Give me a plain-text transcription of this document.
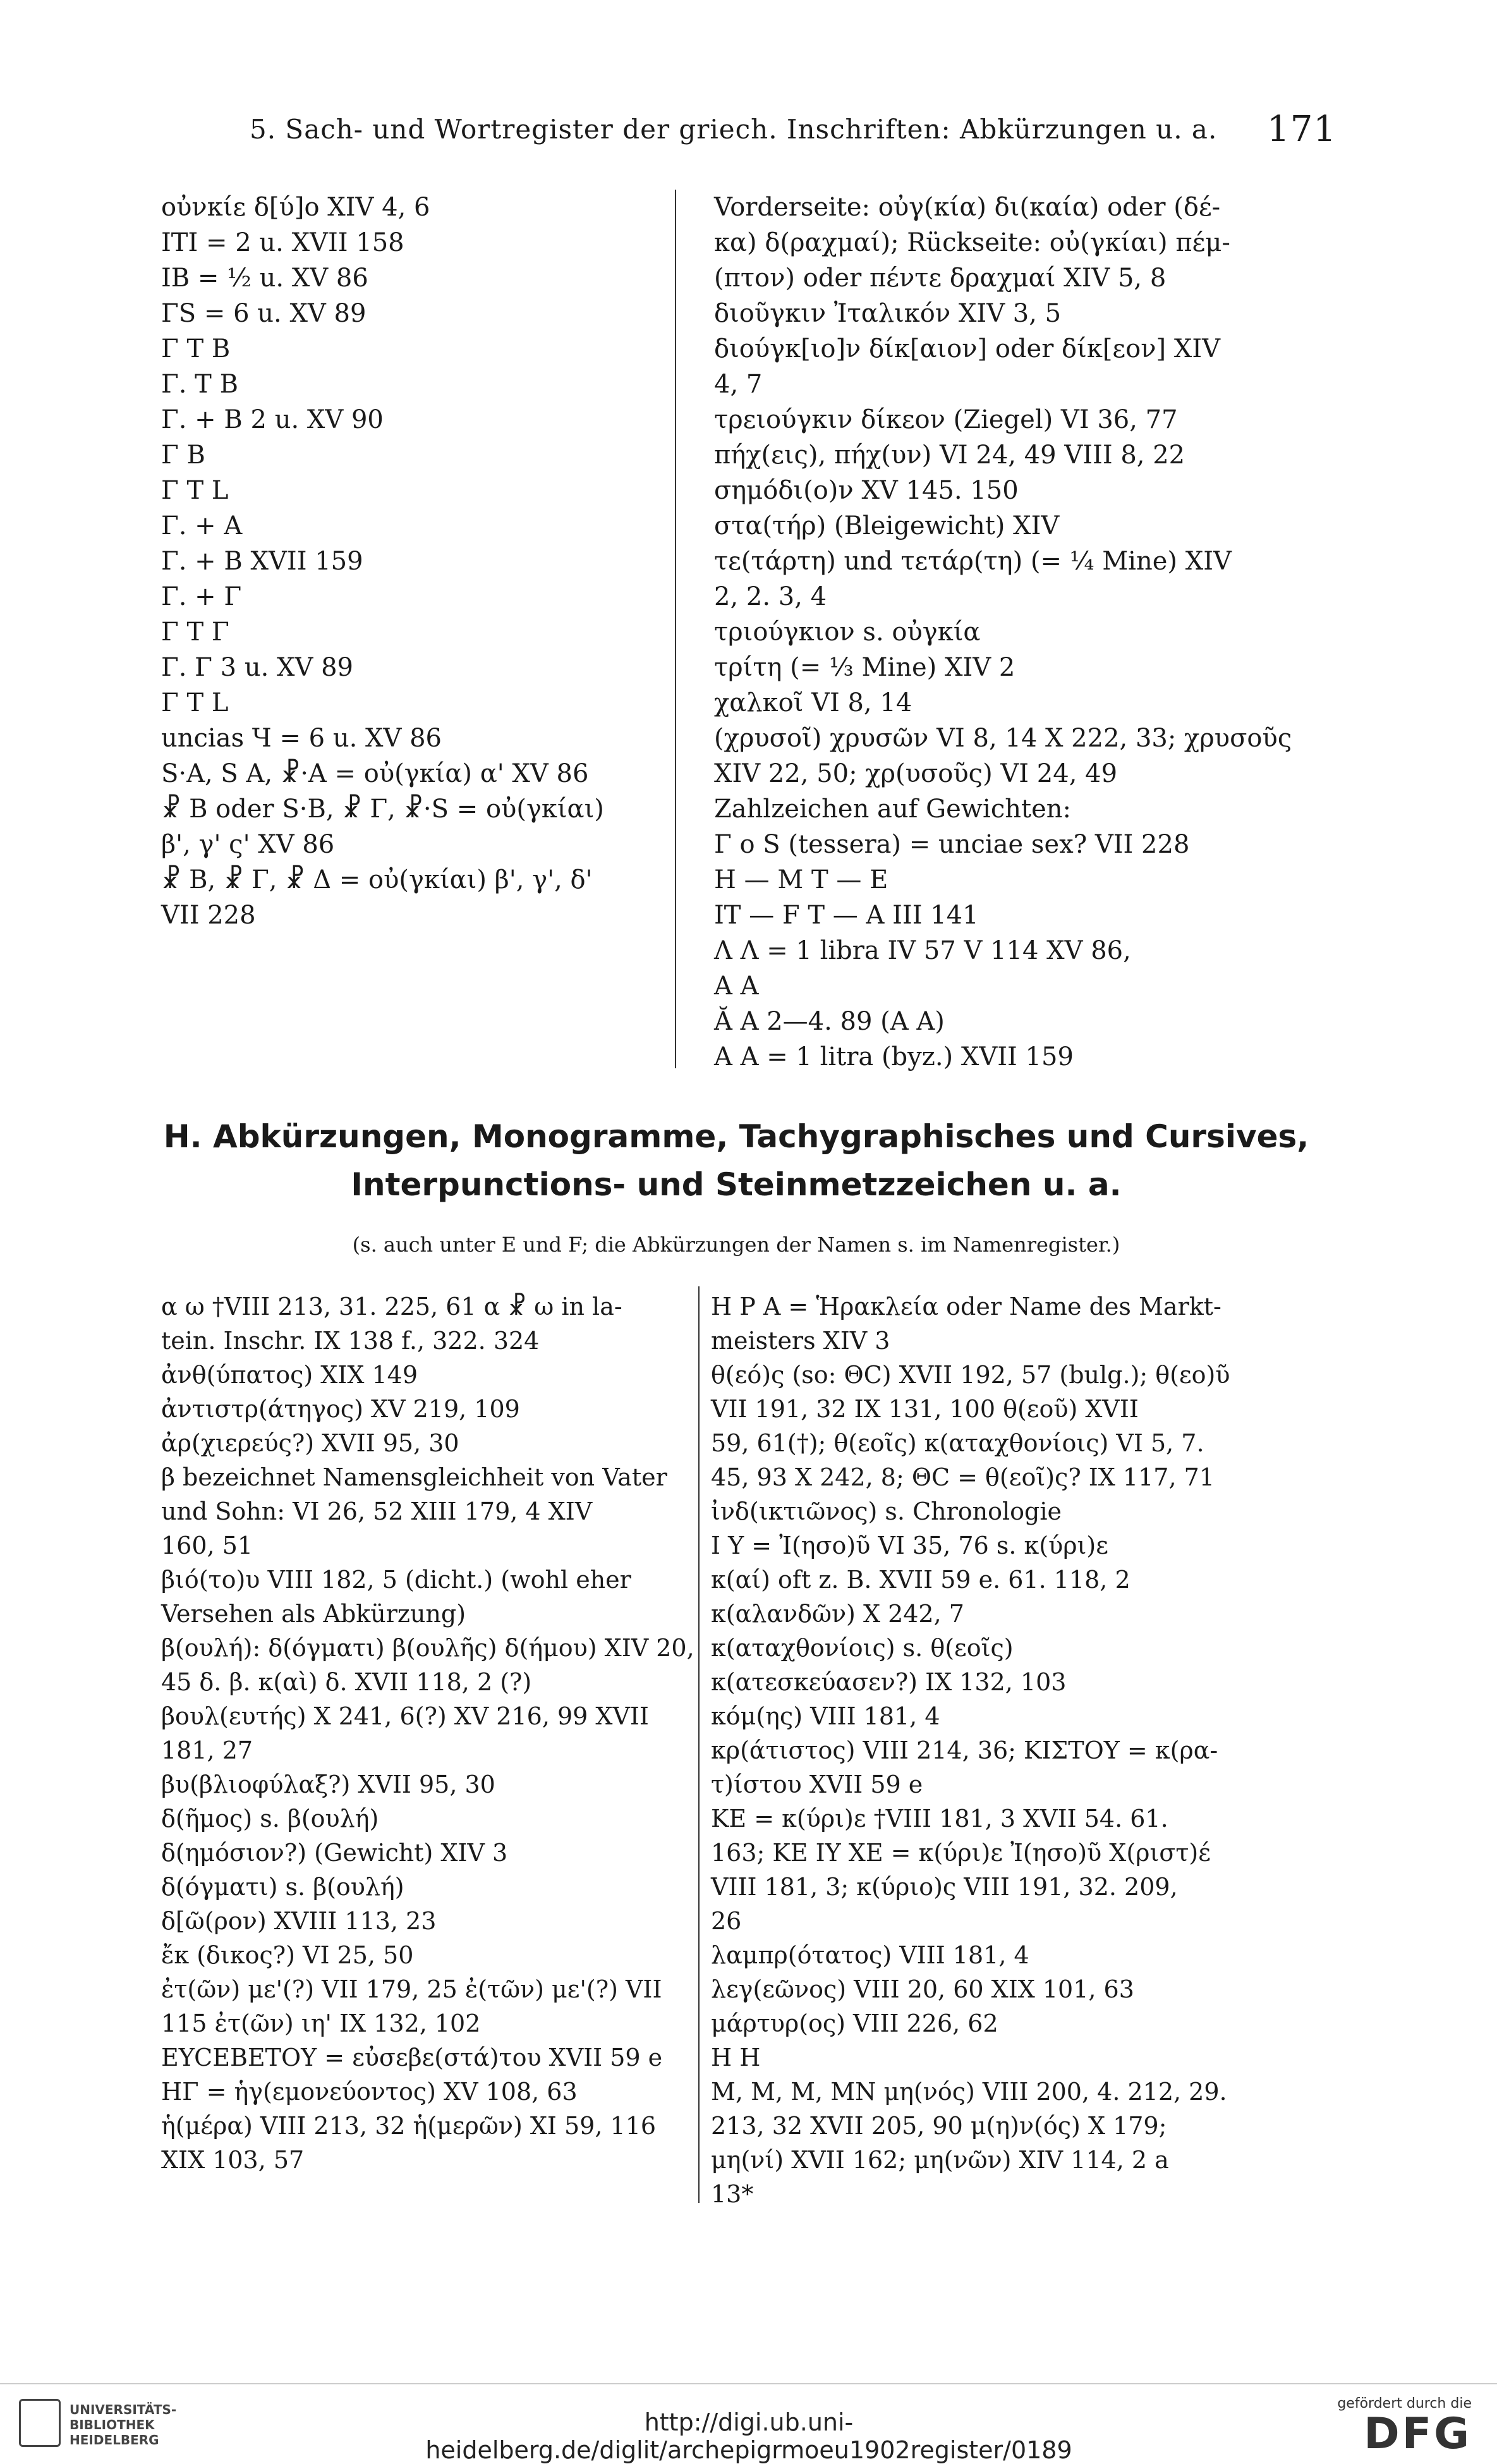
5. Sach- und Wortregister der griech. Inschriften: Abkürzungen u. a. 171
οὐνκίε δ[ύ]ο XIV 4, 6
ΙΤΙ = 2 u. XVII 158
ΙΒ = ½ u. XV 86
ΓS = 6 u. XV 89
Γ Τ Β
Γ. Τ Β
Γ. + Β 2 u. XV 90
Γ Β
Γ Τ L
Γ. + Α
Γ. + Β XVII 159
Γ. + Γ
Γ Τ Γ
Γ. Γ 3 u. XV 89
Γ Τ L
uncias Ч = 6 u. XV 86
S·A, S A, ☧·A = οὐ(γκία) α' XV 86
☧ B oder S·B, ☧ Γ, ☧·S = οὐ(γκίαι)
β', γ' ς' XV 86
☧ B, ☧ Γ, ☧ Δ = οὐ(γκίαι) β', γ', δ'
VII 228
Vorderseite: οὐγ(κία) δι(καία) oder (δέ-
κα) δ(ραχμαί); Rückseite: οὐ(γκίαι) πέμ-
(πτον) oder πέντε δραχμαί XIV 5, 8
διοῦγκιν Ἰταλικόν XIV 3, 5
διούγκ[ιο]ν δίκ[αιον] oder δίκ[εον] XIV
4, 7
τρειούγκιν δίκεον (Ziegel) VI 36, 77
πήχ(εις), πήχ(υν) VI 24, 49 VIII 8, 22
σημόδι(ο)ν XV 145. 150
στα(τήρ) (Bleigewicht) XIV
τε(τάρτη) und τετάρ(τη) (= ¼ Mine) XIV
2, 2. 3, 4
τριούγκιον s. οὐγκία
τρίτη (= ⅓ Mine) XIV 2
χαλκοῖ VI 8, 14
(χρυσοῖ) χρυσῶν VI 8, 14 X 222, 33; χρυσοῦς
XIV 22, 50; χρ(υσοῦς) VI 24, 49
Zahlzeichen auf Gewichten:
Γ o S (tessera) = unciae sex? VII 228
H — M T — E
IT — F T — A III 141
Λ Λ = 1 libra IV 57 V 114 XV 86,
A A
Ă A 2—4. 89 (A A)
A A = 1 litra (byz.) XVII 159
H. Abkürzungen, Monogramme, Tachygraphisches und Cursives,
Interpunctions- und Steinmetzzeichen u. a.
(s. auch unter E und F; die Abkürzungen der Namen s. im Namenregister.)
α ω †VIII 213, 31. 225, 61 α ☧ ω in la-
tein. Inschr. IX 138 f., 322. 324
ἀνθ(ύπατος) XIX 149
ἀντιστρ(άτηγος) XV 219, 109
ἀρ(χιερεύς?) XVII 95, 30
β bezeichnet Namensgleichheit von Vater
und Sohn: VI 26, 52 XIII 179, 4 XIV
160, 51
βιό(το)υ VIII 182, 5 (dicht.) (wohl eher
Versehen als Abkürzung)
β(ουλή): δ(όγματι) β(ουλῆς) δ(ήμου) XIV 20,
45 δ. β. κ(αὶ) δ. XVII 118, 2 (?)
βουλ(ευτής) X 241, 6(?) XV 216, 99 XVII
181, 27
βυ(βλιοφύλαξ?) XVII 95, 30
δ(ῆμος) s. β(ουλή)
δ(ημόσιον?) (Gewicht) XIV 3
δ(όγματι) s. β(ουλή)
δ[ῶ(ρον) XVIII 113, 23
ἔκ (δικος?) VI 25, 50
ἐτ(ῶν) με'(?) VII 179, 25 ἐ(τῶν) με'(?) VII
115 ἐτ(ῶν) ιη' IX 132, 102
EYCEBETOY = εὐσεβε(στά)του XVII 59 e
HΓ = ἡγ(εμονεύοντος) XV 108, 63
ἡ(μέρα) VIII 213, 32 ἡ(μερῶν) XI 59, 116
XIX 103, 57
H P A = Ἡρακλεία oder Name des Markt-
meisters XIV 3
θ(εό)ς (so: ΘC) XVII 192, 57 (bulg.); θ(εο)ῦ
VII 191, 32 IX 131, 100 θ(εοῦ) XVII
59, 61(†); θ(εοῖς) κ(αταχθονίοις) VI 5, 7.
45, 93 X 242, 8; ΘC = θ(εοῖ)ς? IX 117, 71
ἰνδ(ικτιῶνος) s. Chronologie
I Y = Ἰ(ησο)ῦ VI 35, 76 s. κ(ύρι)ε
κ(αί) oft z. B. XVII 59 e. 61. 118, 2
κ(αλανδῶν) X 242, 7
κ(αταχθονίοις) s. θ(εοῖς)
κ(ατεσκεύασεν?) IX 132, 103
κόμ(ης) VIII 181, 4
κρ(άτιστος) VIII 214, 36; KIΣTOY = κ(ρα-
τ)ίστου XVII 59 e
KE = κ(ύρι)ε †VIII 181, 3 XVII 54. 61.
163; KE IY XE = κ(ύρι)ε Ἰ(ησο)ῦ X(ριστ)έ
VIII 181, 3; κ(ύριο)ς VIII 191, 32. 209,
26
λαμπρ(ότατος) VIII 181, 4
λεγ(εῶνος) VIII 20, 60 XIX 101, 63
μάρτυρ(ος) VIII 226, 62
H H
M, M, M, MN μη(νός) VIII 200, 4. 212, 29.
213, 32 XVII 205, 90 μ(η)ν(ός) X 179;
μη(νί) XVII 162; μη(νῶν) XIV 114, 2 a
13*
UNIVERSITÄTS-
BIBLIOTHEK
HEIDELBERG
http://digi.ub.uni-heidelberg.de/diglit/archepigrmoeu1902register/0189
gefördert durch die
DFG
